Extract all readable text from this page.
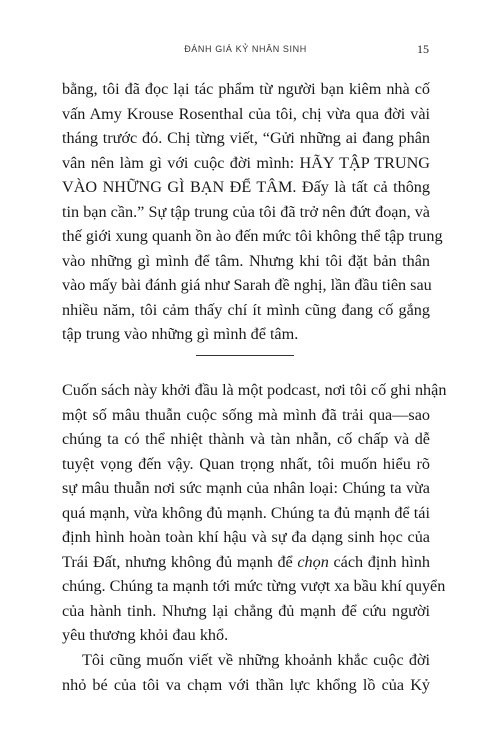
ĐÁNH GIÁ KỶ NHÂN SINH	15
bằng, tôi đã đọc lại tác phẩm từ người bạn kiêm nhà cố
vấn Amy Krouse Rosenthal của tôi, chị vừa qua đời vài
tháng trước đó. Chị từng viết, “Gửi những ai đang phân
vân nên làm gì với cuộc đời mình: HÃY TẬP TRUNG
VÀO NHỮNG GÌ BẠN ĐỂ TÂM. Đấy là tất cả thông
tin bạn cần.” Sự tập trung của tôi đã trở nên đứt đoạn, và
thế giới xung quanh ồn ào đến mức tôi không thể tập trung
vào những gì mình để tâm. Nhưng khi tôi đặt bản thân
vào mấy bài đánh giá như Sarah đề nghị, lần đầu tiên sau
nhiều năm, tôi cảm thấy chí ít mình cũng đang cố gắng
tập trung vào những gì mình để tâm.
Cuốn sách này khởi đầu là một podcast, nơi tôi cố ghi nhận
một số mâu thuẫn cuộc sống mà mình đã trải qua—sao
chúng ta có thể nhiệt thành và tàn nhẫn, cố chấp và dễ
tuyệt vọng đến vậy. Quan trọng nhất, tôi muốn hiểu rõ
sự mâu thuẫn nơi sức mạnh của nhân loại: Chúng ta vừa
quá mạnh, vừa không đủ mạnh. Chúng ta đủ mạnh để tái
định hình hoàn toàn khí hậu và sự đa dạng sinh học của
Trái Đất, nhưng không đủ mạnh để chọn cách định hình
chúng. Chúng ta mạnh tới mức từng vượt xa bầu khí quyển
của hành tinh. Nhưng lại chẳng đủ mạnh để cứu người
yêu thương khỏi đau khổ.
Tôi cũng muốn viết về những khoảnh khắc cuộc đời
nhỏ bé của tôi va chạm với thần lực khổng lồ của Kỷ
